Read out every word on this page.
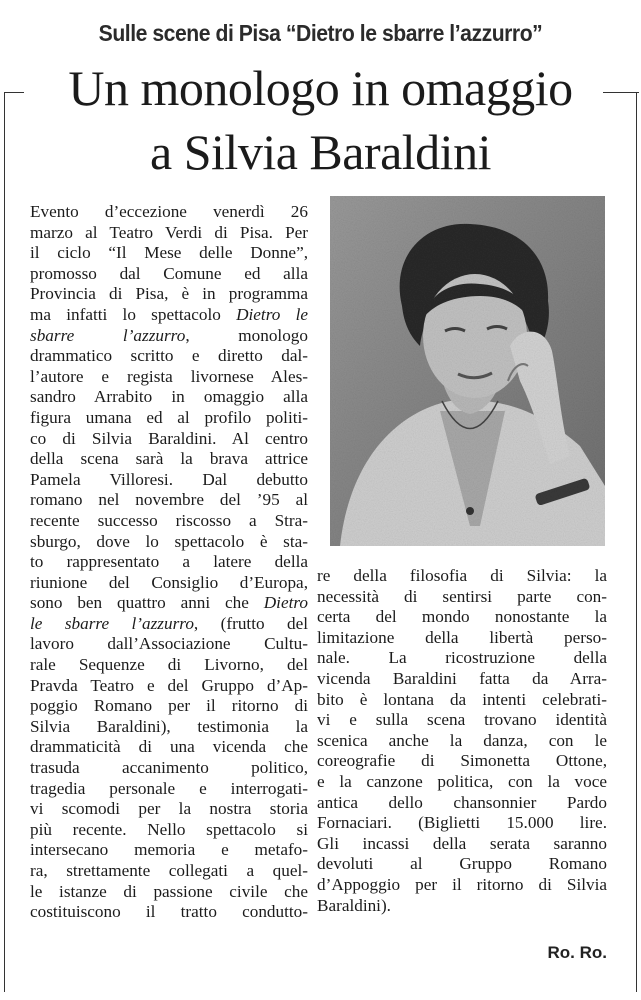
Sulle scene di Pisa “Dietro le sbarre l’azzurro”
Un monologo in omaggio
a Silvia Baraldini
Evento d’eccezione venerdì 26
marzo al Teatro Verdi di Pisa. Per
il ciclo “Il Mese delle Donne”,
promosso dal Comune ed alla
Provincia di Pisa, è in programma
ma infatti lo spettacolo Dietro le
sbarre l’azzurro, monologo
drammatico scritto e diretto dal-
l’autore e regista livornese Ales-
sandro Arrabito in omaggio alla
figura umana ed al profilo politi-
co di Silvia Baraldini. Al centro
della scena sarà la brava attrice
Pamela Villoresi. Dal debutto
romano nel novembre del ’95 al
recente successo riscosso a Stra-
sburgo, dove lo spettacolo è sta-
to rappresentato a latere della
riunione del Consiglio d’Europa,
sono ben quattro anni che Dietro
le sbarre l’azzurro, (frutto del
lavoro dall’Associazione Cultu-
rale Sequenze di Livorno, del
Pravda Teatro e del Gruppo d’Ap-
poggio Romano per il ritorno di
Silvia Baraldini), testimonia la
drammaticità di una vicenda che
trasuda accanimento politico,
tragedia personale e interrogati-
vi scomodi per la nostra storia
più recente. Nello spettacolo si
intersecano memoria e metafo-
ra, strettamente collegati a quel-
le istanze di passione civile che
costituiscono il tratto condutto-
re della filosofia di Silvia: la
necessità di sentirsi parte con-
certa del mondo nonostante la
limitazione della libertà perso-
nale. La ricostruzione della
vicenda Baraldini fatta da Arra-
bito è lontana da intenti celebrati-
vi e sulla scena trovano identità
scenica anche la danza, con le
coreografie di Simonetta Ottone,
e la canzone politica, con la voce
antica dello chansonnier Pardo
Fornaciari. (Biglietti 15.000 lire.
Gli incassi della serata saranno
devoluti al Gruppo Romano
d’Appoggio per il ritorno di Silvia
Baraldini).
Ro. Ro.
